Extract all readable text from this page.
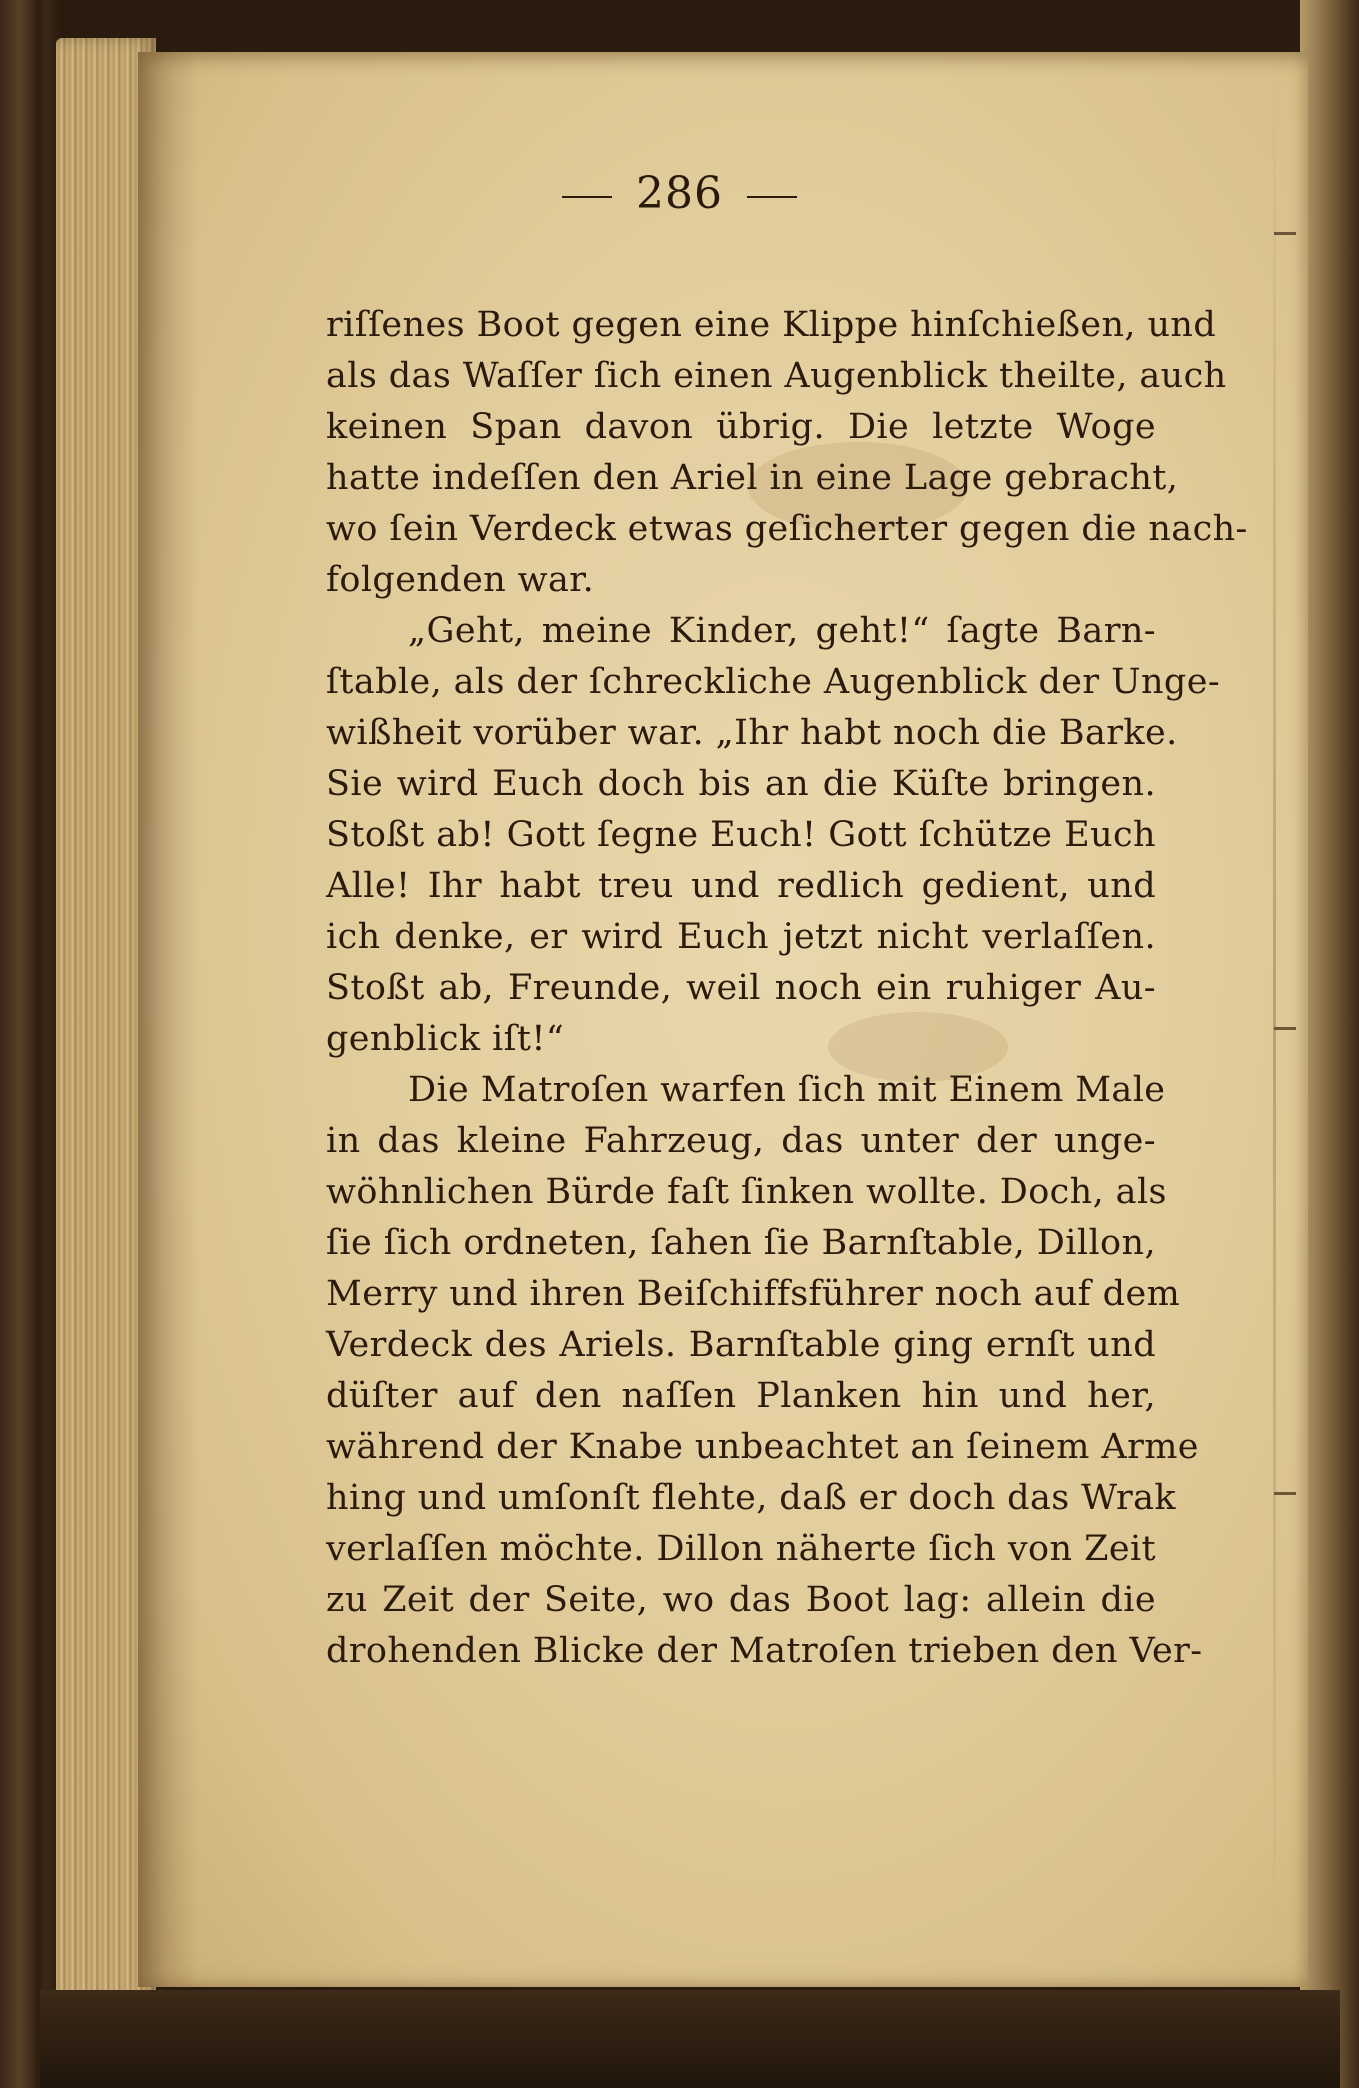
286
riſſenes Boot gegen eine Klippe hinſchießen, und
als das Waſſer ſich einen Augenblick theilte, auch
keinen Span davon übrig. Die letzte Woge
hatte indeſſen den Ariel in eine Lage gebracht,
wo ſein Verdeck etwas geſicherter gegen die nach-
folgenden war.
„Geht, meine Kinder, geht!“ ſagte Barn-
ſtable, als der ſchreckliche Augenblick der Unge-
wißheit vorüber war. „Ihr habt noch die Barke.
Sie wird Euch doch bis an die Küſte bringen.
Stoßt ab! Gott ſegne Euch! Gott ſchütze Euch
Alle! Ihr habt treu und redlich gedient, und
ich denke, er wird Euch jetzt nicht verlaſſen.
Stoßt ab, Freunde, weil noch ein ruhiger Au-
genblick iſt!“
Die Matroſen warfen ſich mit Einem Male
in das kleine Fahrzeug, das unter der unge-
wöhnlichen Bürde faſt ſinken wollte. Doch, als
ſie ſich ordneten, ſahen ſie Barnſtable, Dillon,
Merry und ihren Beiſchiffsführer noch auf dem
Verdeck des Ariels. Barnſtable ging ernſt und
düſter auf den naſſen Planken hin und her,
während der Knabe unbeachtet an ſeinem Arme
hing und umſonſt flehte, daß er doch das Wrak
verlaſſen möchte. Dillon näherte ſich von Zeit
zu Zeit der Seite, wo das Boot lag: allein die
drohenden Blicke der Matroſen trieben den Ver-
